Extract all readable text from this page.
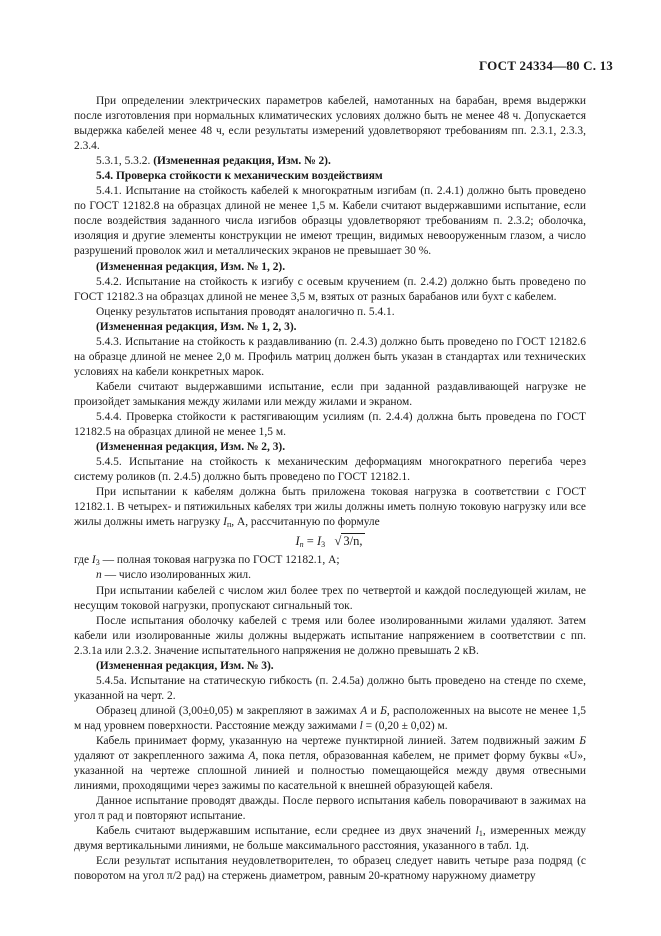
ГОСТ 24334—80 С. 13

При определении электрических параметров кабелей, намотанных на барабан, время выдержки после изготовления при нормальных климатических условиях должно быть не менее 48 ч. Допускается выдержка кабелей менее 48 ч, если результаты измерений удовлетворяют требованиям пп. 2.3.1, 2.3.3, 2.3.4.

5.3.1, 5.3.2. (Измененная редакция, Изм. № 2).

5.4. Проверка стойкости к механическим воздействиям

5.4.1. Испытание на стойкость кабелей к многократным изгибам (п. 2.4.1) должно быть проведено по ГОСТ 12182.8 на образцах длиной не менее 1,5 м. Кабели считают выдержавшими испытание, если после воздействия заданного числа изгибов образцы удовлетворяют требованиям п. 2.3.2; оболочка, изоляция и другие элементы конструкции не имеют трещин, видимых невооруженным глазом, а число разрушений проволок жил и металлических экранов не превышает 30 %.

(Измененная редакция, Изм. № 1, 2).

5.4.2. Испытание на стойкость к изгибу с осевым кручением (п. 2.4.2) должно быть проведено по ГОСТ 12182.3 на образцах длиной не менее 3,5 м, взятых от разных барабанов или бухт с кабелем.

Оценку результатов испытания проводят аналогично п. 5.4.1.

(Измененная редакция, Изм. № 1, 2, 3).

5.4.3. Испытание на стойкость к раздавливанию (п. 2.4.3) должно быть проведено по ГОСТ 12182.6 на образце длиной не менее 2,0 м. Профиль матриц должен быть указан в стандартах или технических условиях на кабели конкретных марок.

Кабели считают выдержавшими испытание, если при заданной раздавливающей нагрузке не произойдет замыкания между жилами или между жилами и экраном.

5.4.4. Проверка стойкости к растягивающим усилиям (п. 2.4.4) должна быть проведена по ГОСТ 12182.5 на образцах длиной не менее 1,5 м.

(Измененная редакция, Изм. № 2, 3).

5.4.5. Испытание на стойкость к механическим деформациям многократного перегиба через систему роликов (п. 2.4.5) должно быть проведено по ГОСТ 12182.1.

При испытании к кабелям должна быть приложена токовая нагрузка в соответствии с ГОСТ 12182.1. В четырех- и пятижильных кабелях три жилы должны иметь полную токовую нагрузку или все жилы должны иметь нагрузку $I_п$, А, рассчитанную по формуле

$I_п = I_3$ √ 3/n,

где $I_3$ — полная токовая нагрузка по ГОСТ 12182.1, А;

п — число изолированных жил.

При испытании кабелей с числом жил более трех по четвертой и каждой последующей жилам, не несущим токовой нагрузки, пропускают сигнальный ток.

После испытания оболочку кабелей с тремя или более изолированными жилами удаляют. Затем кабели или изолированные жилы должны выдержать испытание напряжением в соответствии с пп. 2.3.1а или 2.3.2. Значение испытательного напряжения не должно превышать 2 кВ.

(Измененная редакция, Изм. № 3).

5.4.5а. Испытание на статическую гибкость (п. 2.4.5а) должно быть проведено на стенде по схеме, указанной на черт. 2.

Образец длиной (3,00±0,05) м закрепляют в зажимах А и Б, расположенных на высоте не менее 1,5 м над уровнем поверхности. Расстояние между зажимами l = (0,20 ± 0,02) м.

Кабель принимает форму, указанную на чертеже пунктирной линией. Затем подвижный зажим Б удаляют от закрепленного зажима А, пока петля, образованная кабелем, не примет форму буквы «U», указанной на чертеже сплошной линией и полностью помещающейся между двумя отвесными линиями, проходящими через зажимы по касательной к внешней образующей кабеля.

Данное испытание проводят дважды. После первого испытания кабель поворачивают в зажимах на угол π рад и повторяют испытание.

Кабель считают выдержавшим испытание, если среднее из двух значений $l_1$, измеренных между двумя вертикальными линиями, не больше максимального расстояния, указанного в табл. 1д.

Если результат испытания неудовлетворителен, то образец следует навить четыре раза подряд (с поворотом на угол π/2 рад) на стержень диаметром, равным 20-кратному наружному диаметру
